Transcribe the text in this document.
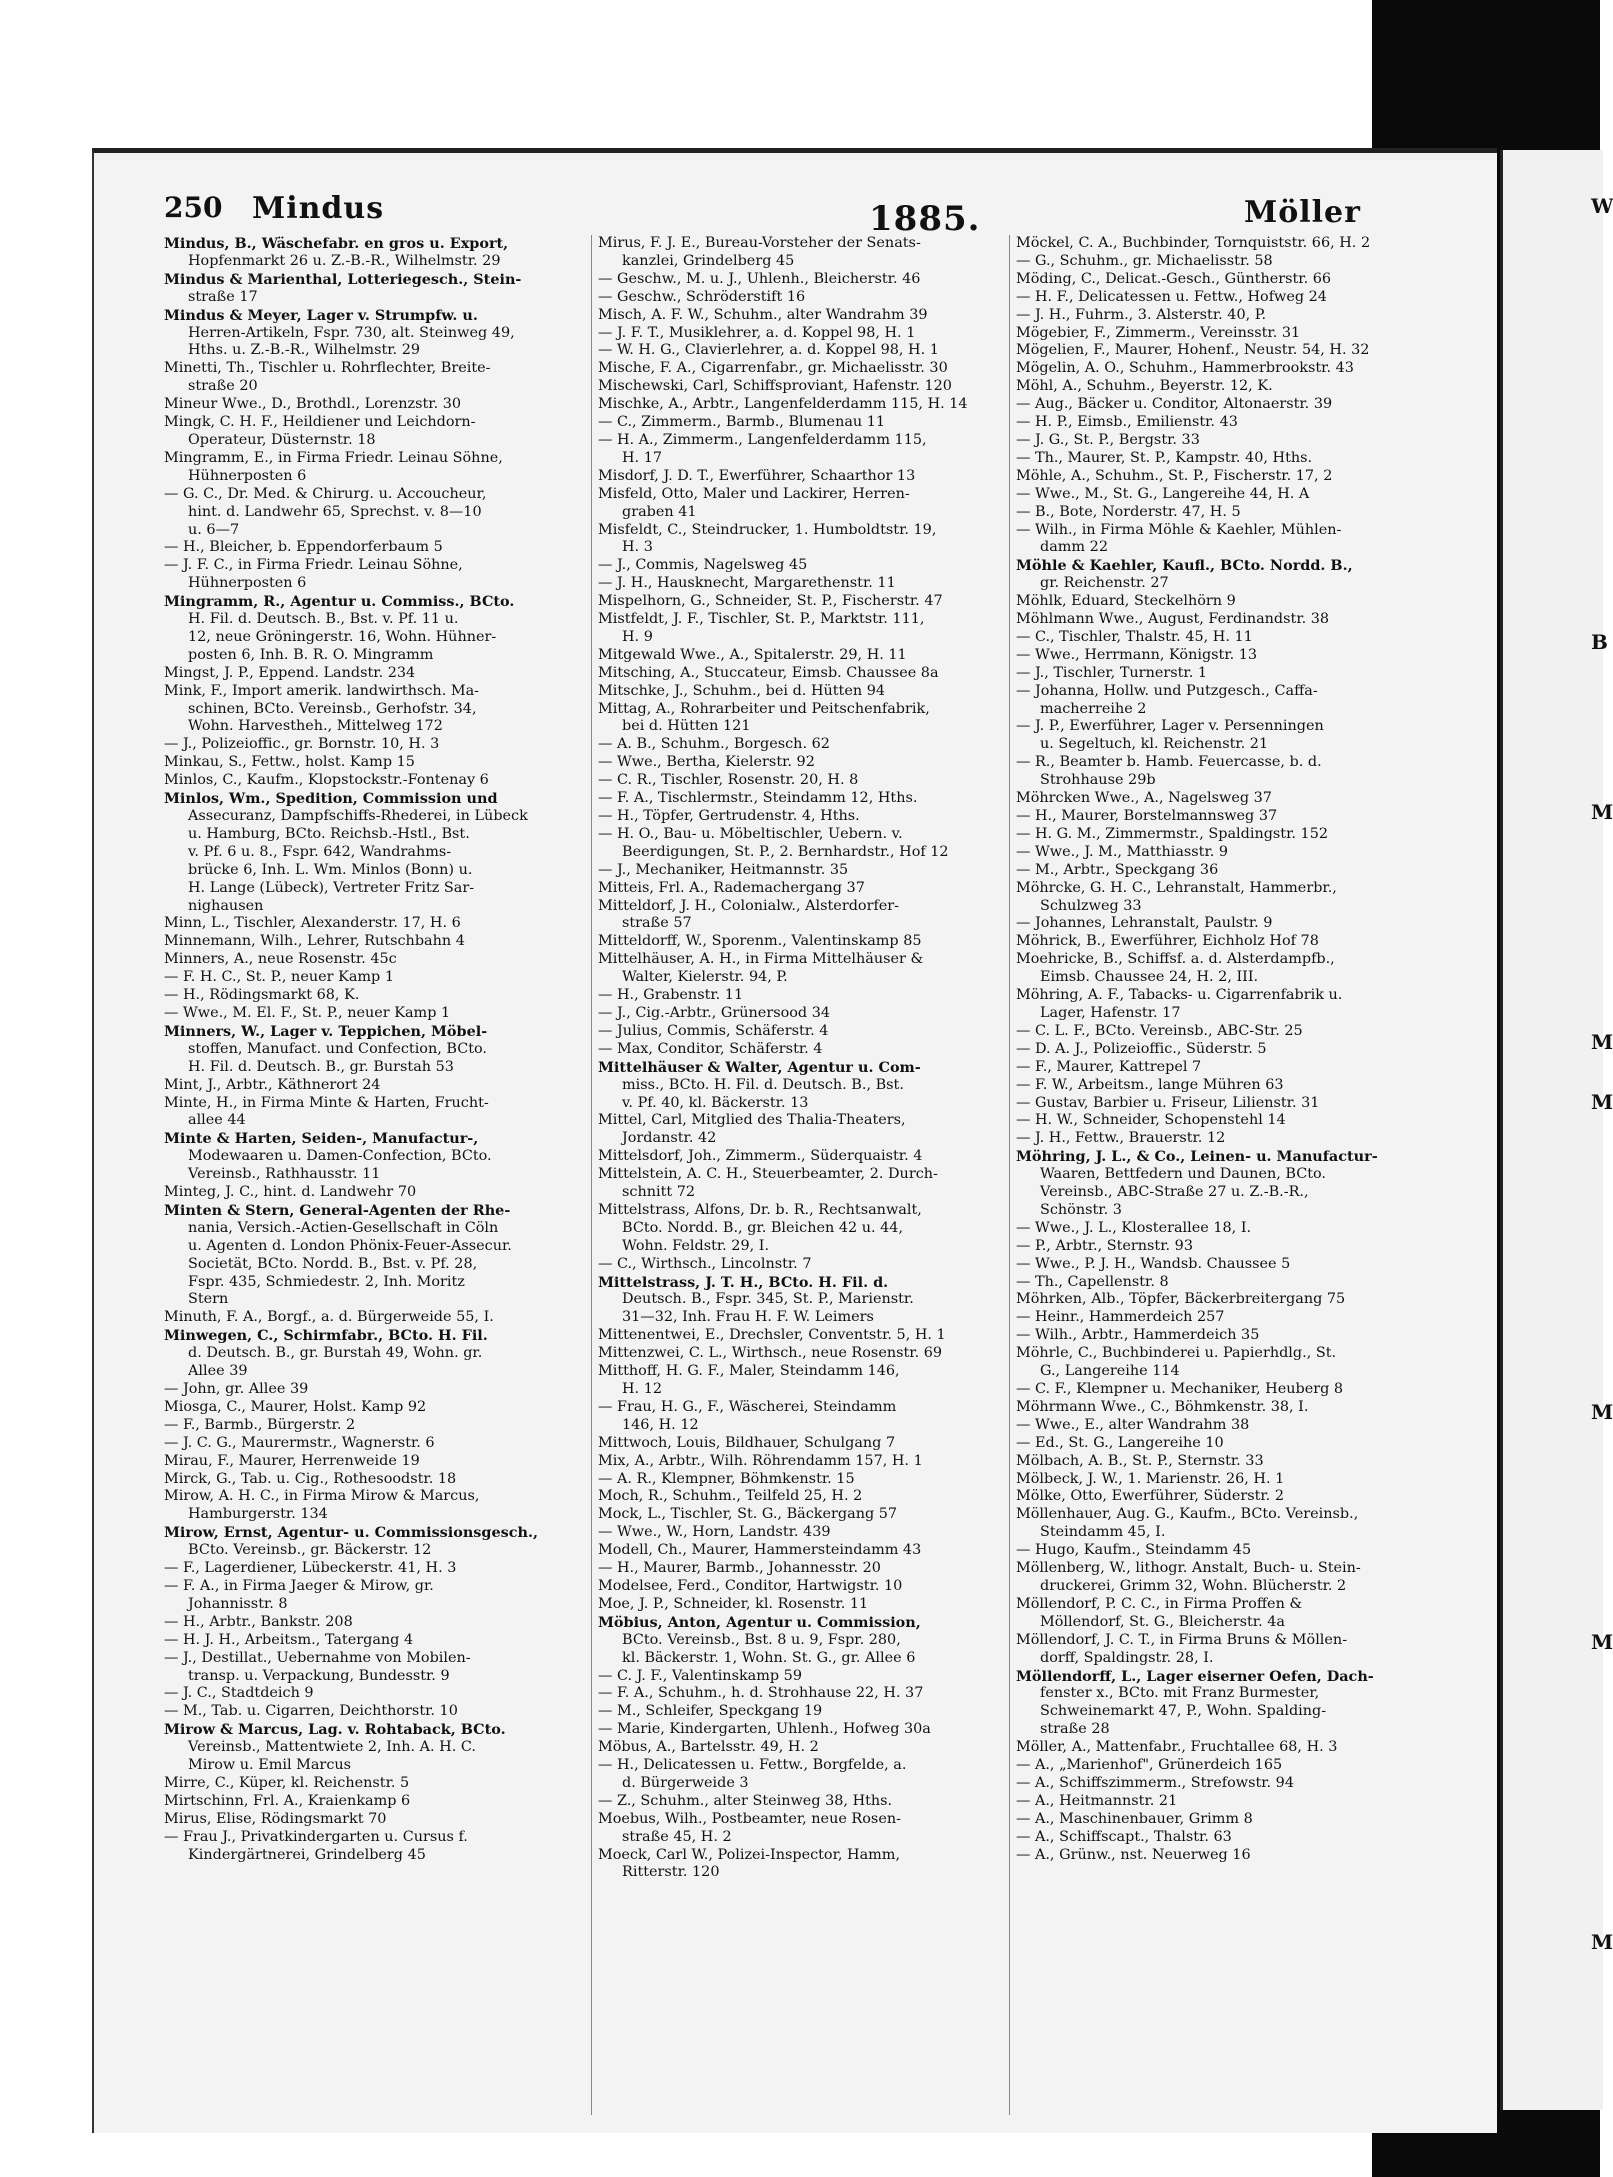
W
B
M
M
M
M
M
M
250 Mindus	1885.	Möller
Mindus, B., Wäschefabr. en gros u. Export,
Hopfenmarkt 26 u. Z.-B.-R., Wilhelmstr. 29
Mindus & Marienthal, Lotteriegesch., Stein-
straße 17
Mindus & Meyer, Lager v. Strumpfw. u.
Herren-Artikeln, Fspr. 730, alt. Steinweg 49,
Hths. u. Z.-B.-R., Wilhelmstr. 29
Minetti, Th., Tischler u. Rohrflechter, Breite-
straße 20
Mineur Wwe., D., Brothdl., Lorenzstr. 30
Mingk, C. H. F., Heildiener und Leichdorn-
Operateur, Düsternstr. 18
Mingramm, E., in Firma Friedr. Leinau Söhne,
Hühnerposten 6
— G. C., Dr. Med. & Chirurg. u. Accoucheur,
hint. d. Landwehr 65, Sprechst. v. 8—10
u. 6—7
— H., Bleicher, b. Eppendorferbaum 5
— J. F. C., in Firma Friedr. Leinau Söhne,
Hühnerposten 6
Mingramm, R., Agentur u. Commiss., BCto.
H. Fil. d. Deutsch. B., Bst. v. Pf. 11 u.
12, neue Gröningerstr. 16, Wohn. Hühner-
posten 6, Inh. B. R. O. Mingramm
Mingst, J. P., Eppend. Landstr. 234
Mink, F., Import amerik. landwirthsch. Ma-
schinen, BCto. Vereinsb., Gerhofstr. 34,
Wohn. Harvestheh., Mittelweg 172
— J., Polizeioffic., gr. Bornstr. 10, H. 3
Minkau, S., Fettw., holst. Kamp 15
Minlos, C., Kaufm., Klopstockstr.-Fontenay 6
Minlos, Wm., Spedition, Commission und
Assecuranz, Dampfschiffs-Rhederei, in Lübeck
u. Hamburg, BCto. Reichsb.-Hstl., Bst.
v. Pf. 6 u. 8., Fspr. 642, Wandrahms-
brücke 6, Inh. L. Wm. Minlos (Bonn) u.
H. Lange (Lübeck), Vertreter Fritz Sar-
nighausen
Minn, L., Tischler, Alexanderstr. 17, H. 6
Minnemann, Wilh., Lehrer, Rutschbahn 4
Minners, A., neue Rosenstr. 45c
— F. H. C., St. P., neuer Kamp 1
— H., Rödingsmarkt 68, K.
— Wwe., M. El. F., St. P., neuer Kamp 1
Minners, W., Lager v. Teppichen, Möbel-
stoffen, Manufact. und Confection, BCto.
H. Fil. d. Deutsch. B., gr. Burstah 53
Mint, J., Arbtr., Käthnerort 24
Minte, H., in Firma Minte & Harten, Frucht-
allee 44
Minte & Harten, Seiden-, Manufactur-,
Modewaaren u. Damen-Confection, BCto.
Vereinsb., Rathhausstr. 11
Minteg, J. C., hint. d. Landwehr 70
Minten & Stern, General-Agenten der Rhe-
nania, Versich.-Actien-Gesellschaft in Cöln
u. Agenten d. London Phönix-Feuer-Assecur.
Societät, BCto. Nordd. B., Bst. v. Pf. 28,
Fspr. 435, Schmiedestr. 2, Inh. Moritz
Stern
Minuth, F. A., Borgf., a. d. Bürgerweide 55, I.
Minwegen, C., Schirmfabr., BCto. H. Fil.
d. Deutsch. B., gr. Burstah 49, Wohn. gr.
Allee 39
— John, gr. Allee 39
Miosga, C., Maurer, Holst. Kamp 92
— F., Barmb., Bürgerstr. 2
— J. C. G., Maurermstr., Wagnerstr. 6
Mirau, F., Maurer, Herrenweide 19
Mirck, G., Tab. u. Cig., Rothesoodstr. 18
Mirow, A. H. C., in Firma Mirow & Marcus,
Hamburgerstr. 134
Mirow, Ernst, Agentur- u. Commissionsgesch.,
BCto. Vereinsb., gr. Bäckerstr. 12
— F., Lagerdiener, Lübeckerstr. 41, H. 3
— F. A., in Firma Jaeger & Mirow, gr.
Johannisstr. 8
— H., Arbtr., Bankstr. 208
— H. J. H., Arbeitsm., Tatergang 4
— J., Destillat., Uebernahme von Mobilen-
transp. u. Verpackung, Bundesstr. 9
— J. C., Stadtdeich 9
— M., Tab. u. Cigarren, Deichthorstr. 10
Mirow & Marcus, Lag. v. Rohtaback, BCto.
Vereinsb., Mattentwiete 2, Inh. A. H. C.
Mirow u. Emil Marcus
Mirre, C., Küper, kl. Reichenstr. 5
Mirtschinn, Frl. A., Kraienkamp 6
Mirus, Elise, Rödingsmarkt 70
— Frau J., Privatkindergarten u. Cursus f.
Kindergärtnerei, Grindelberg 45
Mirus, F. J. E., Bureau-Vorsteher der Senats-
kanzlei, Grindelberg 45
— Geschw., M. u. J., Uhlenh., Bleicherstr. 46
— Geschw., Schröderstift 16
Misch, A. F. W., Schuhm., alter Wandrahm 39
— J. F. T., Musiklehrer, a. d. Koppel 98, H. 1
— W. H. G., Clavierlehrer, a. d. Koppel 98, H. 1
Mische, F. A., Cigarrenfabr., gr. Michaelisstr. 30
Mischewski, Carl, Schiffsproviant, Hafenstr. 120
Mischke, A., Arbtr., Langenfelderdamm 115, H. 14
— C., Zimmerm., Barmb., Blumenau 11
— H. A., Zimmerm., Langenfelderdamm 115,
H. 17
Misdorf, J. D. T., Ewerführer, Schaarthor 13
Misfeld, Otto, Maler und Lackirer, Herren-
graben 41
Misfeldt, C., Steindrucker, 1. Humboldtstr. 19,
H. 3
— J., Commis, Nagelsweg 45
— J. H., Hausknecht, Margarethenstr. 11
Mispelhorn, G., Schneider, St. P., Fischerstr. 47
Mistfeldt, J. F., Tischler, St. P., Marktstr. 111,
H. 9
Mitgewald Wwe., A., Spitalerstr. 29, H. 11
Mitsching, A., Stuccateur, Eimsb. Chaussee 8a
Mitschke, J., Schuhm., bei d. Hütten 94
Mittag, A., Rohrarbeiter und Peitschenfabrik,
bei d. Hütten 121
— A. B., Schuhm., Borgesch. 62
— Wwe., Bertha, Kielerstr. 92
— C. R., Tischler, Rosenstr. 20, H. 8
— F. A., Tischlermstr., Steindamm 12, Hths.
— H., Töpfer, Gertrudenstr. 4, Hths.
— H. O., Bau- u. Möbeltischler, Uebern. v.
Beerdigungen, St. P., 2. Bernhardstr., Hof 12
— J., Mechaniker, Heitmannstr. 35
Mitteis, Frl. A., Rademachergang 37
Mitteldorf, J. H., Colonialw., Alsterdorfer-
straße 57
Mitteldorff, W., Sporenm., Valentinskamp 85
Mittelhäuser, A. H., in Firma Mittelhäuser &
Walter, Kielerstr. 94, P.
— H., Grabenstr. 11
— J., Cig.-Arbtr., Grünersood 34
— Julius, Commis, Schäferstr. 4
— Max, Conditor, Schäferstr. 4
Mittelhäuser & Walter, Agentur u. Com-
miss., BCto. H. Fil. d. Deutsch. B., Bst.
v. Pf. 40, kl. Bäckerstr. 13
Mittel, Carl, Mitglied des Thalia-Theaters,
Jordanstr. 42
Mittelsdorf, Joh., Zimmerm., Süderquaistr. 4
Mittelstein, A. C. H., Steuerbeamter, 2. Durch-
schnitt 72
Mittelstrass, Alfons, Dr. b. R., Rechtsanwalt,
BCto. Nordd. B., gr. Bleichen 42 u. 44,
Wohn. Feldstr. 29, I.
— C., Wirthsch., Lincolnstr. 7
Mittelstrass, J. T. H., BCto. H. Fil. d.
Deutsch. B., Fspr. 345, St. P., Marienstr.
31—32, Inh. Frau H. F. W. Leimers
Mittenentwei, E., Drechsler, Conventstr. 5, H. 1
Mittenzwei, C. L., Wirthsch., neue Rosenstr. 69
Mitthoff, H. G. F., Maler, Steindamm 146,
H. 12
— Frau, H. G., F., Wäscherei, Steindamm
146, H. 12
Mittwoch, Louis, Bildhauer, Schulgang 7
Mix, A., Arbtr., Wilh. Röhrendamm 157, H. 1
— A. R., Klempner, Böhmkenstr. 15
Moch, R., Schuhm., Teilfeld 25, H. 2
Mock, L., Tischler, St. G., Bäckergang 57
— Wwe., W., Horn, Landstr. 439
Modell, Ch., Maurer, Hammersteindamm 43
— H., Maurer, Barmb., Johannesstr. 20
Modelsee, Ferd., Conditor, Hartwigstr. 10
Moe, J. P., Schneider, kl. Rosenstr. 11
Möbius, Anton, Agentur u. Commission,
BCto. Vereinsb., Bst. 8 u. 9, Fspr. 280,
kl. Bäckerstr. 1, Wohn. St. G., gr. Allee 6
— C. J. F., Valentinskamp 59
— F. A., Schuhm., h. d. Strohhause 22, H. 37
— M., Schleifer, Speckgang 19
— Marie, Kindergarten, Uhlenh., Hofweg 30a
Möbus, A., Bartelsstr. 49, H. 2
— H., Delicatessen u. Fettw., Borgfelde, a.
d. Bürgerweide 3
— Z., Schuhm., alter Steinweg 38, Hths.
Moebus, Wilh., Postbeamter, neue Rosen-
straße 45, H. 2
Moeck, Carl W., Polizei-Inspector, Hamm,
Ritterstr. 120
Möckel, C. A., Buchbinder, Tornquiststr. 66, H. 2
— G., Schuhm., gr. Michaelisstr. 58
Möding, C., Delicat.-Gesch., Güntherstr. 66
— H. F., Delicatessen u. Fettw., Hofweg 24
— J. H., Fuhrm., 3. Alsterstr. 40, P.
Mögebier, F., Zimmerm., Vereinsstr. 31
Mögelien, F., Maurer, Hohenf., Neustr. 54, H. 32
Mögelin, A. O., Schuhm., Hammerbrookstr. 43
Möhl, A., Schuhm., Beyerstr. 12, K.
— Aug., Bäcker u. Conditor, Altonaerstr. 39
— H. P., Eimsb., Emilienstr. 43
— J. G., St. P., Bergstr. 33
— Th., Maurer, St. P., Kampstr. 40, Hths.
Möhle, A., Schuhm., St. P., Fischerstr. 17, 2
— Wwe., M., St. G., Langereihe 44, H. A
— B., Bote, Norderstr. 47, H. 5
— Wilh., in Firma Möhle & Kaehler, Mühlen-
damm 22
Möhle & Kaehler, Kaufl., BCto. Nordd. B.,
gr. Reichenstr. 27
Möhlk, Eduard, Steckelhörn 9
Möhlmann Wwe., August, Ferdinandstr. 38
— C., Tischler, Thalstr. 45, H. 11
— Wwe., Herrmann, Königstr. 13
— J., Tischler, Turnerstr. 1
— Johanna, Hollw. und Putzgesch., Caffa-
macherreihe 2
— J. P., Ewerführer, Lager v. Persenningen
u. Segeltuch, kl. Reichenstr. 21
— R., Beamter b. Hamb. Feuercasse, b. d.
Strohhause 29b
Möhrcken Wwe., A., Nagelsweg 37
— H., Maurer, Borstelmannsweg 37
— H. G. M., Zimmermstr., Spaldingstr. 152
— Wwe., J. M., Matthiasstr. 9
— M., Arbtr., Speckgang 36
Möhrcke, G. H. C., Lehranstalt, Hammerbr.,
Schulzweg 33
— Johannes, Lehranstalt, Paulstr. 9
Möhrick, B., Ewerführer, Eichholz Hof 78
Moehricke, B., Schiffsf. a. d. Alsterdampfb.,
Eimsb. Chaussee 24, H. 2, III.
Möhring, A. F., Tabacks- u. Cigarrenfabrik u.
Lager, Hafenstr. 17
— C. L. F., BCto. Vereinsb., ABC-Str. 25
— D. A. J., Polizeioffic., Süderstr. 5
— F., Maurer, Kattrepel 7
— F. W., Arbeitsm., lange Mühren 63
— Gustav, Barbier u. Friseur, Lilienstr. 31
— H. W., Schneider, Schopenstehl 14
— J. H., Fettw., Brauerstr. 12
Möhring, J. L., & Co., Leinen- u. Manufactur-
Waaren, Bettfedern und Daunen, BCto.
Vereinsb., ABC-Straße 27 u. Z.-B.-R.,
Schönstr. 3
— Wwe., J. L., Klosterallee 18, I.
— P., Arbtr., Sternstr. 93
— Wwe., P. J. H., Wandsb. Chaussee 5
— Th., Capellenstr. 8
Möhrken, Alb., Töpfer, Bäckerbreitergang 75
— Heinr., Hammerdeich 257
— Wilh., Arbtr., Hammerdeich 35
Möhrle, C., Buchbinderei u. Papierhdlg., St.
G., Langereihe 114
— C. F., Klempner u. Mechaniker, Heuberg 8
Möhrmann Wwe., C., Böhmkenstr. 38, I.
— Wwe., E., alter Wandrahm 38
— Ed., St. G., Langereihe 10
Mölbach, A. B., St. P., Sternstr. 33
Mölbeck, J. W., 1. Marienstr. 26, H. 1
Mölke, Otto, Ewerführer, Süderstr. 2
Möllenhauer, Aug. G., Kaufm., BCto. Vereinsb.,
Steindamm 45, I.
— Hugo, Kaufm., Steindamm 45
Möllenberg, W., lithogr. Anstalt, Buch- u. Stein-
druckerei, Grimm 32, Wohn. Blücherstr. 2
Möllendorf, P. C. C., in Firma Proffen &
Möllendorf, St. G., Bleicherstr. 4a
Möllendorf, J. C. T., in Firma Bruns & Möllen-
dorff, Spaldingstr. 28, I.
Möllendorff, L., Lager eiserner Oefen, Dach-
fenster x., BCto. mit Franz Burmester,
Schweinemarkt 47, P., Wohn. Spalding-
straße 28
Möller, A., Mattenfabr., Fruchtallee 68, H. 3
— A., „Marienhof", Grünerdeich 165
— A., Schiffszimmerm., Strefowstr. 94
— A., Heitmannstr. 21
— A., Maschinenbauer, Grimm 8
— A., Schiffscapt., Thalstr. 63
— A., Grünw., nst. Neuerweg 16
